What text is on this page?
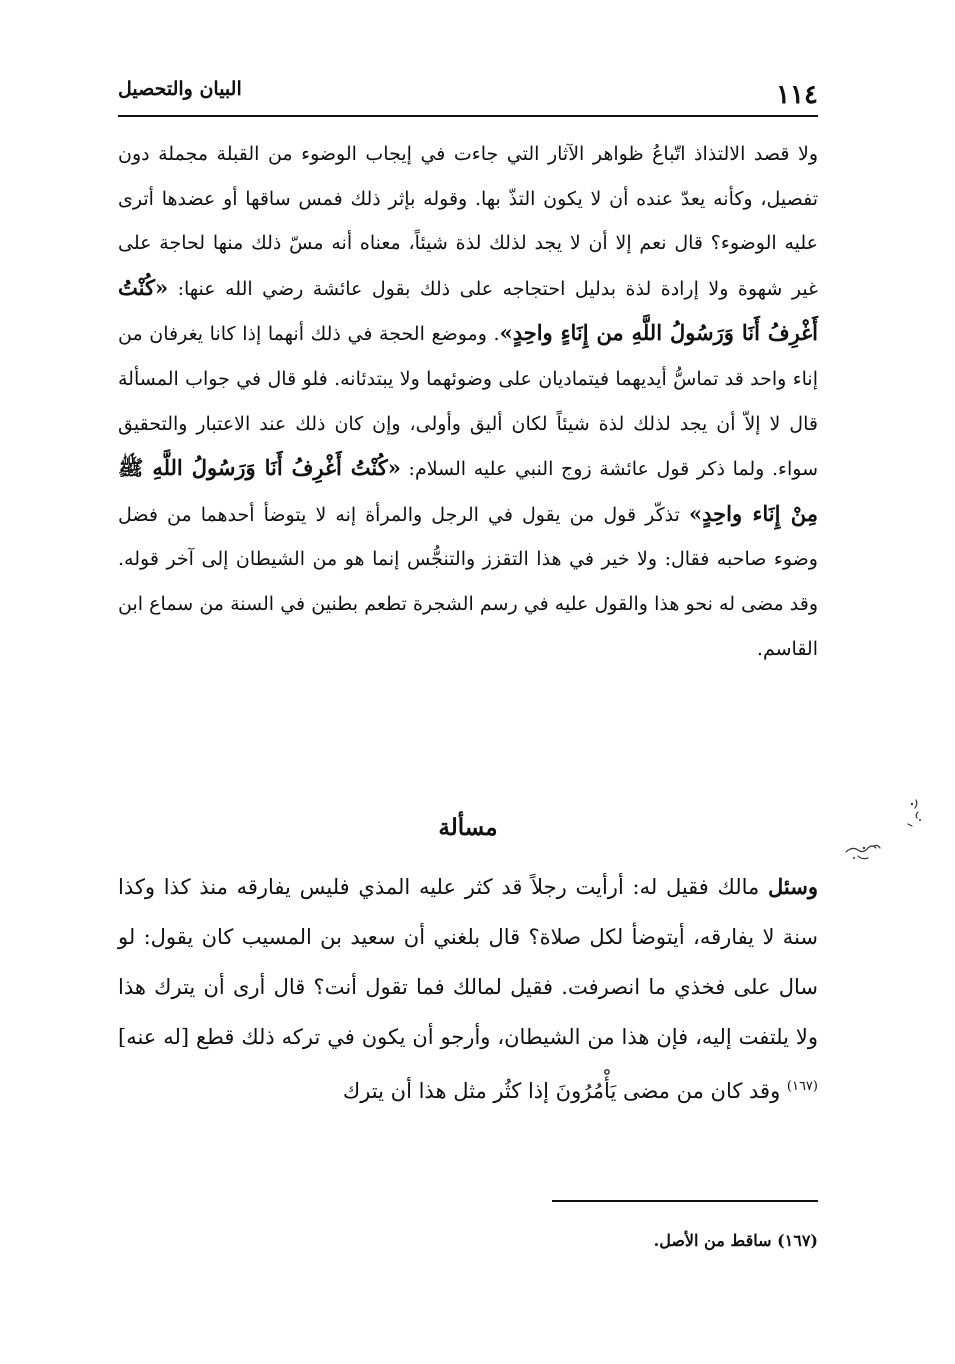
١١٤
البيان والتحصيل

ولا قصد الالتذاذ اتّباعُ ظواهر الآثار التي جاءت في إيجاب الوضوء من القبلة مجملة دون تفصيل، وكأنه يعدّ عنده أن لا يكون التذّ بها. وقوله بإثر ذلك فمس ساقها أو عضدها أترى عليه الوضوء؟ قال نعم إلا أن لا يجد لذلك لذة شيئاً، معناه أنه مسّ ذلك منها لحاجة على غير شهوة ولا إرادة لذة بدليل احتجاجه على ذلك بقول عائشة رضي الله عنها: «كُنْتُ أَغْرِفُ أَنَا وَرَسُولُ اللَّهِ من إِنَاءٍ واحِدٍ». وموضع الحجة في ذلك أنهما إذا كانا يغرفان من إناء واحد قد تماسُّ أيديهما فيتماديان على وضوئهما ولا يبتدئانه. فلو قال في جواب المسألة قال لا إلاّ أن يجد لذلك لذة شيئاً لكان أليق وأولى، وإن كان ذلك عند الاعتبار والتحقيق سواء. ولما ذكر قول عائشة زوج النبي عليه السلام: «كُنْتُ أَغْرِفُ أَنَا وَرَسُولُ اللَّهِ ﷺ مِنْ إِنَاء واحِدٍ» تذكّر قول من يقول في الرجل والمرأة إنه لا يتوضأ أحدهما من فضل وضوء صاحبه فقال: ولا خير في هذا التقزز والتنجُّس إنما هو من الشيطان إلى آخر قوله. وقد مضى له نحو هذا والقول عليه في رسم الشجرة تطعم بطنين في السنة من سماع ابن القاسم.

مسألة

وسئل مالك فقيل له: أرأيت رجلاً قد كثر عليه المذي فليس يفارقه منذ كذا وكذا سنة لا يفارقه، أيتوضأ لكل صلاة؟ قال بلغني أن سعيد بن المسيب كان يقول: لو سال على فخذي ما انصرفت. فقيل لمالك فما تقول أنت؟ قال أرى أن يترك هذا ولا يلتفت إليه، فإن هذا من الشيطان، وأرجو أن يكون في تركه ذلك قطع [له عنه]$^{(١٦٧)}$ وقد كان من مضى يَأْمُرُونَ إذا كثُر مثل هذا أن يترك

(١٦٧) ساقط من الأصل.
